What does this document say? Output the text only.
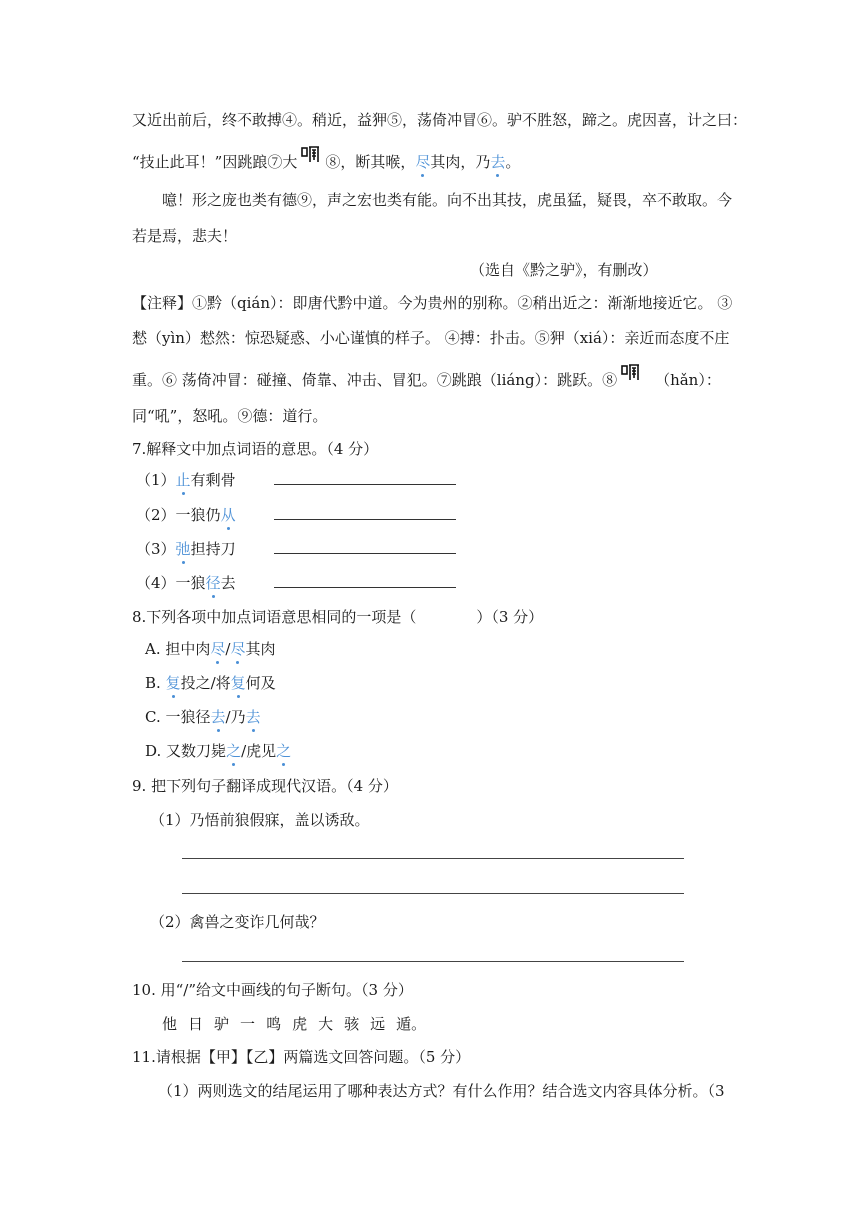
又近出前后，终不敢搏④。稍近，益狎⑤，荡倚冲冒⑥。驴不胜怒，蹄之。虎因喜，计之曰：
“技止此耳！”因跳踉⑦大 ⑧，断其喉，尽其肉，乃去。
噫！形之庞也类有德⑨，声之宏也类有能。向不出其技，虎虽猛，疑畏，卒不敢取。今
若是焉，悲夫！
（选自《黔之驴》，有删改）
【注释】①黔（qián）：即唐代黔中道。今为贵州的别称。②稍出近之：渐渐地接近它。 ③
慭（yìn）慭然：惊恐疑惑、小心谨慎的样子。 ④搏：扑击。⑤狎（xiá）：亲近而态度不庄
重。⑥ 荡倚冲冒：碰撞、倚靠、冲击、冒犯。⑦跳踉（liáng）：跳跃。⑧	（hǎn）：
同“吼”，怒吼。⑨德：道行。
7.解释文中加点词语的意思。（4 分）
（1）止有剩骨
（2）一狼仍从
（3）弛担持刀
（4）一狼径去
8.下列各项中加点词语意思相同的一项是（　　　　）（3 分）
A. 担中肉尽/尽其肉
B. 复投之/将复何及
C. 一狼径去/乃去
D. 又数刀毙之/虎见之
9. 把下列句子翻译成现代汉语。（4 分）
（1）乃悟前狼假寐，盖以诱敌。
（2）禽兽之变诈几何哉？
10. 用“/”给文中画线的句子断句。（3 分）
他 日 驴 一 鸣 虎 大 骇 远 遁。
11.请根据【甲】【乙】两篇选文回答问题。（5 分）
（1）两则选文的结尾运用了哪种表达方式？有什么作用？结合选文内容具体分析。（3
